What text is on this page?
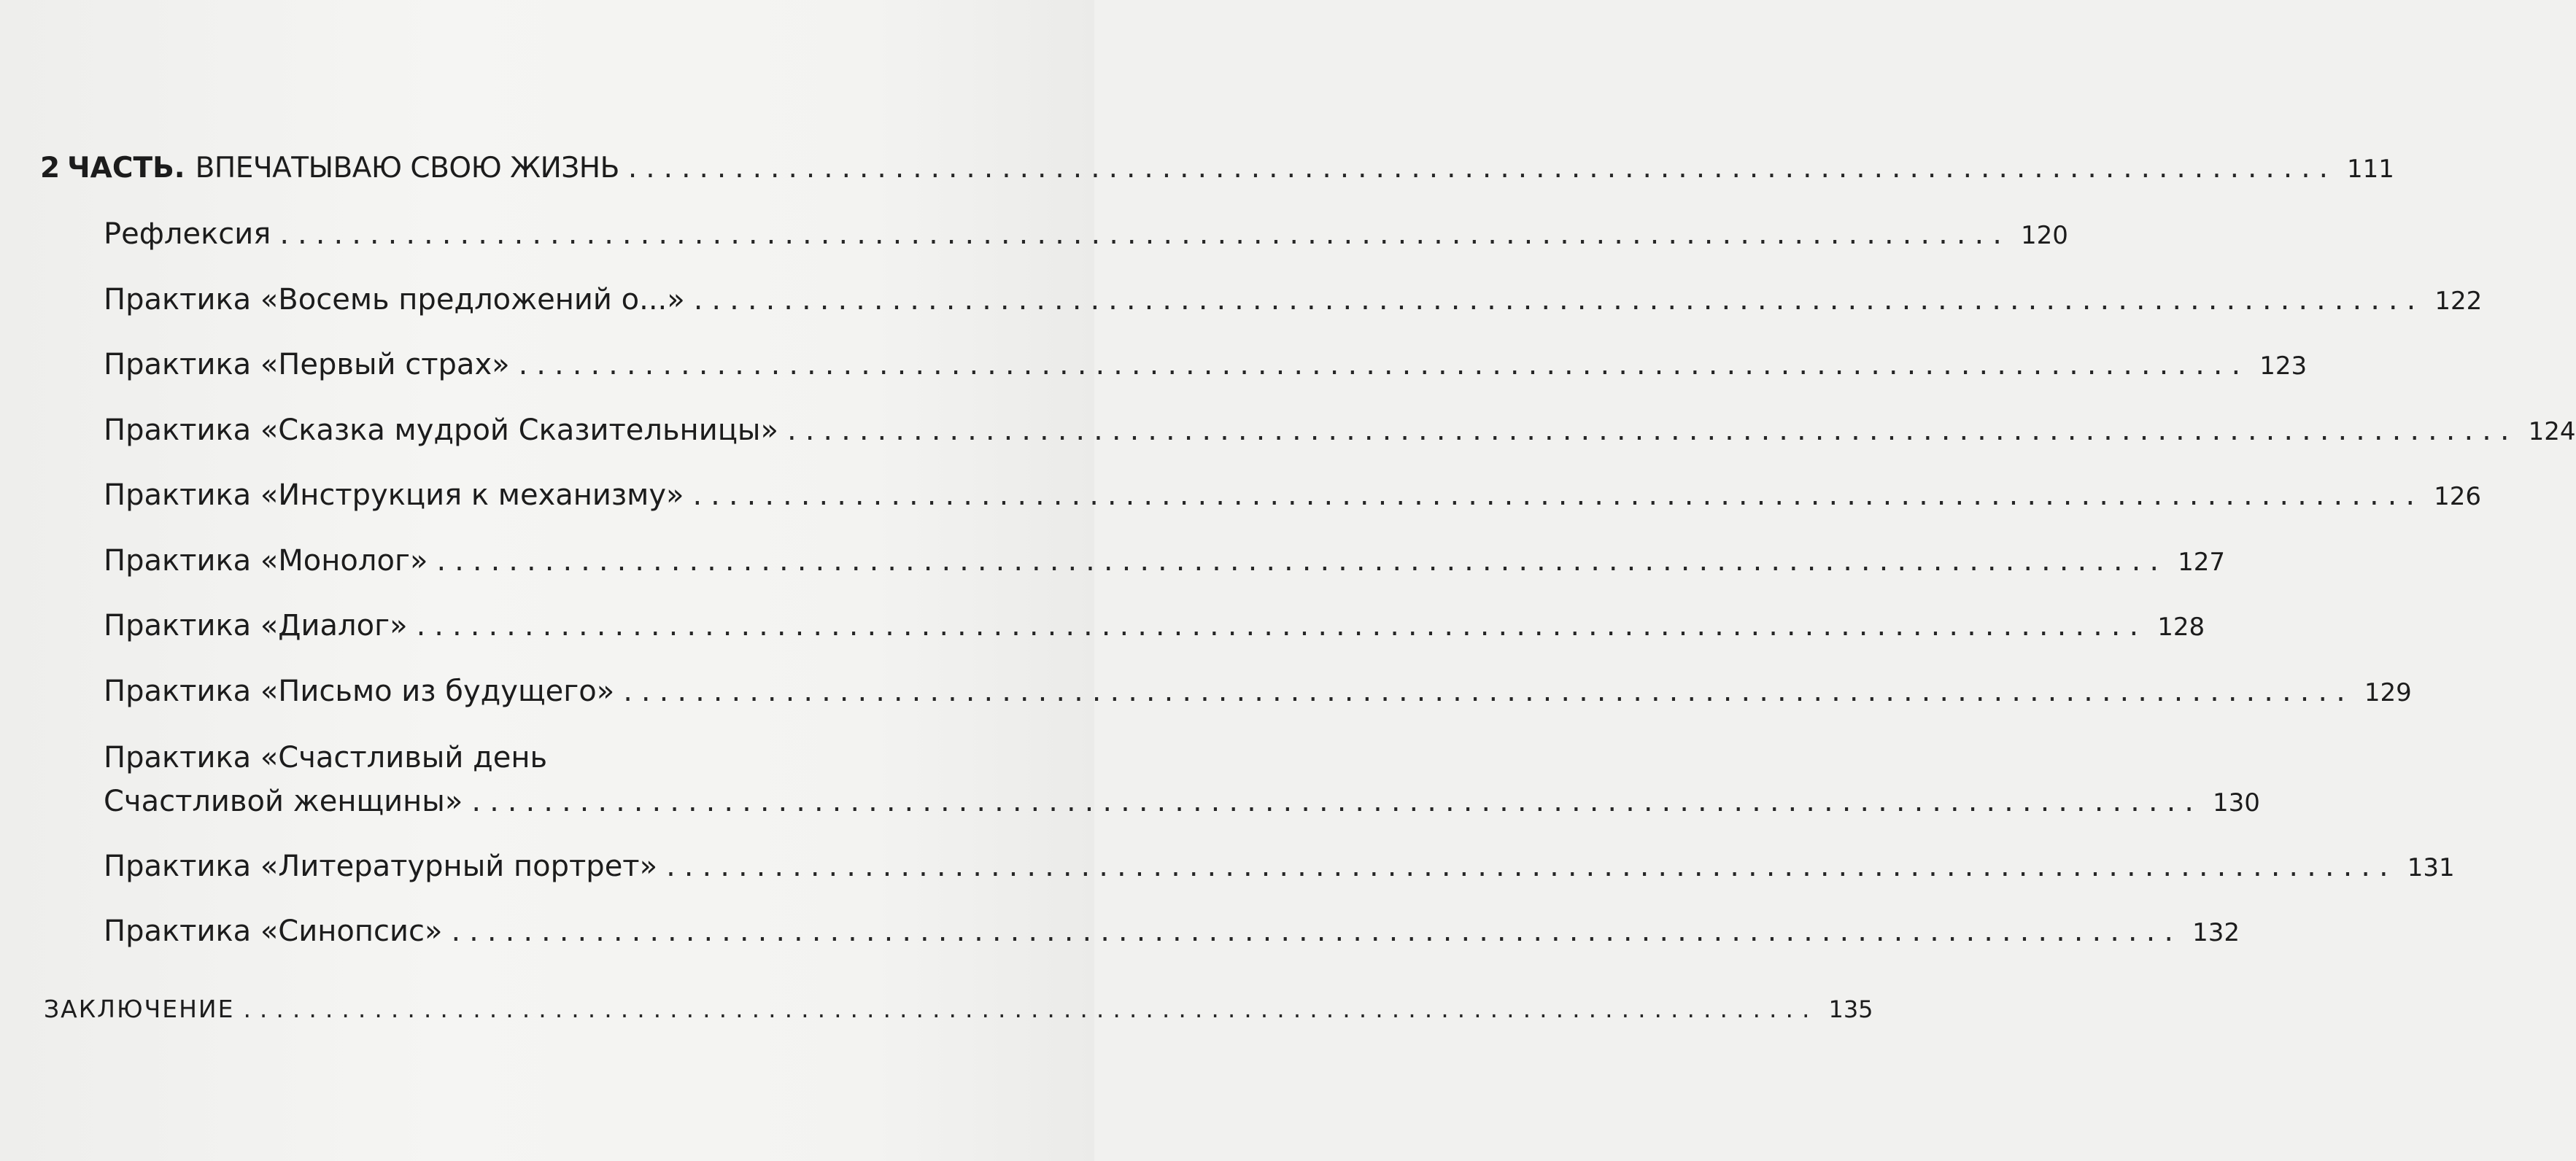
2 ЧАСТЬ. ВПЕЧАТЫВАЮ СВОЮ ЖИЗНЬ ................................................................................................ 111
Рефлексия ................................................................................................ 120
Практика «Восемь предложений о...» ................................................................................................ 122
Практика «Первый страх» ................................................................................................ 123
Практика «Сказка мудрой Сказительницы» ................................................................................................ 124
Практика «Инструкция к механизму» ................................................................................................ 126
Практика «Монолог» ................................................................................................ 127
Практика «Диалог» ................................................................................................ 128
Практика «Письмо из будущего» ................................................................................................ 129
Практика «Счастливый день
Счастливой женщины» ................................................................................................ 130
Практика «Литературный портрет» ................................................................................................ 131
Практика «Синопсис» ................................................................................................ 132
ЗАКЛЮЧЕНИЕ ................................................................................................ 135
